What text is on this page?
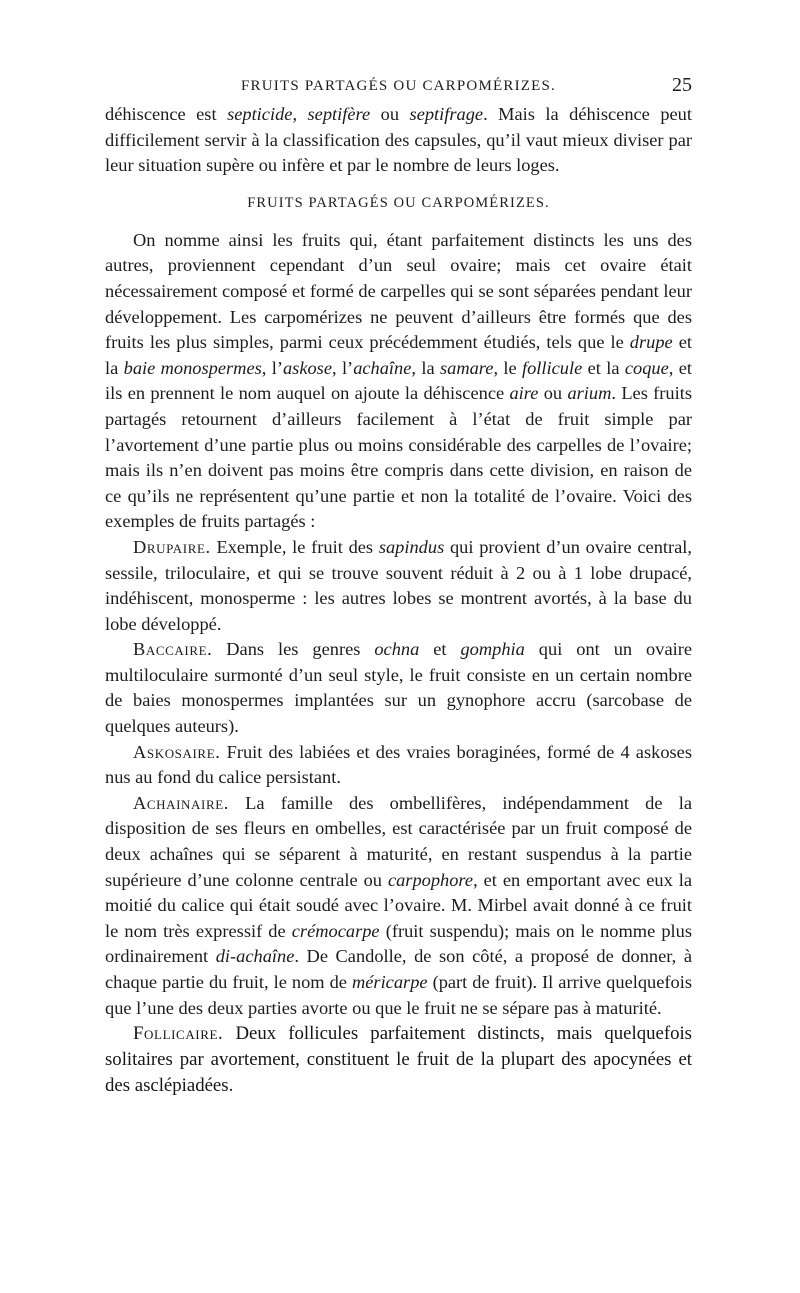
FRUITS PARTAGÉS OU CARPOMÉRIZES.	25

déhiscence est septicide, septifère ou septifrage. Mais la déhiscence peut difficilement servir à la classification des capsules, qu’il vaut mieux diviser par leur situation supère ou infère et par le nombre de leurs loges.

FRUITS PARTAGÉS OU CARPOMÉRIZES.

On nomme ainsi les fruits qui, étant parfaitement distincts les uns des autres, proviennent cependant d’un seul ovaire; mais cet ovaire était nécessairement composé et formé de carpelles qui se sont séparées pendant leur développement. Les carpomérizes ne peuvent d’ailleurs être formés que des fruits les plus simples, parmi ceux précédemment étudiés, tels que le drupe et la baie monospermes, l’askose, l’achaîne, la samare, le follicule et la coque, et ils en prennent le nom auquel on ajoute la déhiscence aire ou arium. Les fruits partagés retournent d’ailleurs facilement à l’état de fruit simple par l’avortement d’une partie plus ou moins considérable des carpelles de l’ovaire; mais ils n’en doivent pas moins être compris dans cette division, en raison de ce qu’ils ne représentent qu’une partie et non la totalité de l’ovaire. Voici des exemples de fruits partagés :

Drupaire. Exemple, le fruit des sapindus qui provient d’un ovaire central, sessile, triloculaire, et qui se trouve souvent réduit à 2 ou à 1 lobe drupacé, indéhiscent, monosperme : les autres lobes se montrent avortés, à la base du lobe développé.

Baccaire. Dans les genres ochna et gomphia qui ont un ovaire multiloculaire surmonté d’un seul style, le fruit consiste en un certain nombre de baies monospermes implantées sur un gynophore accru (sarcobase de quelques auteurs).

Askosaire. Fruit des labiées et des vraies boraginées, formé de 4 askoses nus au fond du calice persistant.

Achainaire. La famille des ombellifères, indépendamment de la disposition de ses fleurs en ombelles, est caractérisée par un fruit composé de deux achaînes qui se séparent à maturité, en restant suspendus à la partie supérieure d’une colonne centrale ou carpophore, et en emportant avec eux la moitié du calice qui était soudé avec l’ovaire. M. Mirbel avait donné à ce fruit le nom très expressif de crémocarpe (fruit suspendu); mais on le nomme plus ordinairement di-achaîne. De Candolle, de son côté, a proposé de donner, à chaque partie du fruit, le nom de méricarpe (part de fruit). Il arrive quelquefois que l’une des deux parties avorte ou que le fruit ne se sépare pas à maturité.

Follicaire. Deux follicules parfaitement distincts, mais quelquefois solitaires par avortement, constituent le fruit de la plupart des apocynées et des asclépiadées.
